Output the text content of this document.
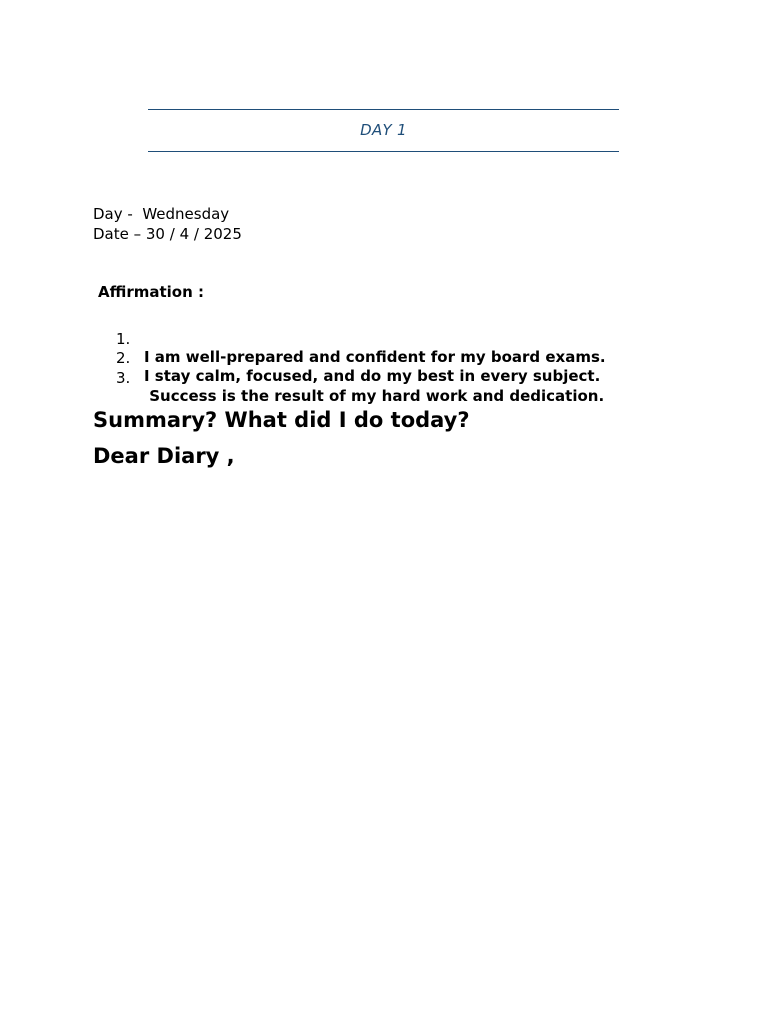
DAY 1
Day -  Wednesday
Date – 30 / 4 / 2025
Affirmation :

1.

I am well-prepared and confident for my board exams.

2.

I stay calm, focused, and do my best in every subject.

3.

Success is the result of my hard work and dedication.

Summary? What did I do today?
Dear Diary ,
